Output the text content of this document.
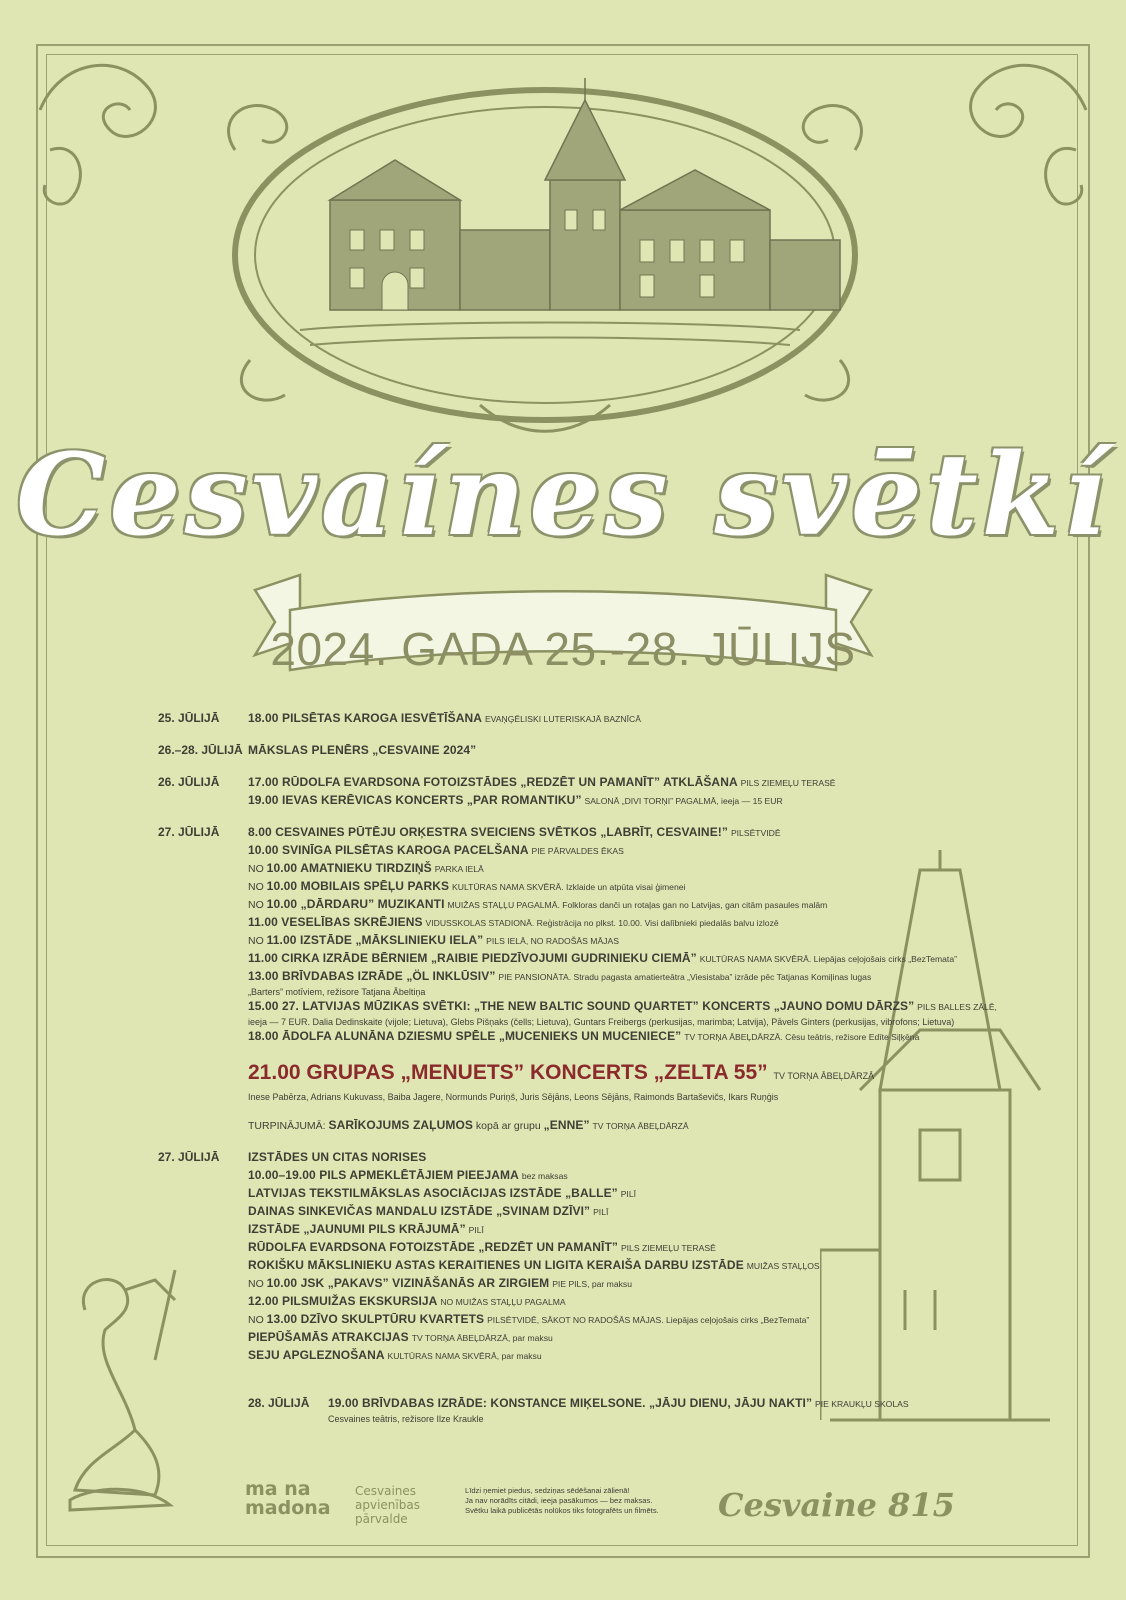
Cesvaínes svētkí
2024. GADA 25.-28. JŪLIJS
25. JŪLIJĀ	18.00 PILSĒTAS KAROGA IESVĒTĪŠANA EVAŅĢĒLISKI LUTERISKAJĀ BAZNĪCĀ
26.–28. JŪLIJĀ MĀKSLAS PLENĒRS „CESVAINE 2024”
26. JŪLIJĀ	17.00 RŪDOLFA EVARDSONA FOTOIZSTĀDES „REDZĒT UN PAMANĪT” ATKLĀŠANA PILS ZIEMEĻU TERASĒ
19.00 IEVAS KERĒVICAS KONCERTS „PAR ROMANTIKU” SALONĀ „DIVI TORŅI” PAGALMĀ, ieeja — 15 EUR
27. JŪLIJĀ	8.00 CESVAINES PŪTĒJU ORĶESTRA SVEICIENS SVĒTKOS „LABRĪT, CESVAINE!” PILSĒTVIDĒ
10.00 SVINĪGA PILSĒTAS KAROGA PACELŠANA PIE PĀRVALDES ĒKAS
NO 10.00 AMATNIEKU TIRDZIŅŠ PARKA IELĀ
NO 10.00 MOBILAIS SPĒĻU PARKS KULTŪRAS NAMA SKVĒRĀ. Izklaide un atpūta visai ģimenei
NO 10.00 „DĀRDARU” MUZIKANTI MUIŽAS STAĻĻU PAGALMĀ. Folkloras danči un rotaļas gan no Latvijas, gan citām pasaules malām
11.00 VESELĪBAS SKRĒJIENS VIDUSSKOLAS STADIONĀ. Reģistrācija no plkst. 10.00. Visi dalībnieki piedalās balvu izlozē
NO 11.00 IZSTĀDE „MĀKSLINIEKU IELA” PILS IELĀ, NO RADOŠĀS MĀJAS
11.00 CIRKA IZRĀDE BĒRNIEM „RAIBIE PIEDZĪVOJUMI GUDRINIEKU CIEMĀ” KULTŪRAS NAMA SKVĒRĀ. Liepājas ceļojošais cirks „BezTemata”
13.00 BRĪVDABAS IZRĀDE „ÖL INKLŪSIV” PIE PANSIONĀTA. Stradu pagasta amatierteātra „Viesistaba” izrāde pēc Tatjanas Komiļinas lugas
„Barters” motīviem, režisore Tatjana Ābeltiņa
15.00 27. LATVIJAS MŪZIKAS SVĒTKI: „THE NEW BALTIC SOUND QUARTET” KONCERTS „JAUNO DOMU DĀRZS” PILS BALLES ZĀLĒ,
ieeja — 7 EUR. Dalia Dedinskaite (vijole; Lietuva), Glebs Pišņaks (čells; Lietuva), Guntars Freibergs (perkusijas, marimba; Latvija), Pāvels Ginters (perkusijas, vibrofons; Lietuva)
18.00 ĀDOLFA ALUNĀNA DZIESMU SPĒLE „MUCENIEKS UN MUCENIECE” TV TORŅA ĀBEĻDĀRZĀ. Cēsu teātris, režisore Edīte Siļķēna
21.00 GRUPAS „MENUETS” KONCERTS „ZELTA 55” TV TORŅA ĀBEĻDĀRZĀ
Inese Pabērza, Adrians Kukuvass, Baiba Jagere, Normunds Puriņš, Juris Sējāns, Leons Sējāns, Raimonds Bartaševičs, Ikars Ruņģis
TURPINĀJUMĀ: SARĪKOJUMS ZAĻUMOS kopā ar grupu „ENNE” TV TORŅA ĀBEĻDĀRZĀ
27. JŪLIJĀ	IZSTĀDES UN CITAS NORISES
10.00–19.00 PILS APMEKLĒTĀJIEM PIEEJAMA bez maksas
LATVIJAS TEKSTILMĀKSLAS ASOCIĀCIJAS IZSTĀDE „BALLE” PILĪ
DAINAS SINKEVIČAS MANDALU IZSTĀDE „SVINAM DZĪVI” PILĪ
IZSTĀDE „JAUNUMI PILS KRĀJUMĀ” PILĪ
RŪDOLFA EVARDSONA FOTOIZSTĀDE „REDZĒT UN PAMANĪT” PILS ZIEMEĻU TERASĒ
ROKIŠKU MĀKSLINIEKU ASTAS KERAITIENES UN LIGITA KERAIŠA DARBU IZSTĀDE MUIŽAS STAĻĻOS
NO 10.00 JSK „PAKAVS” VIZINĀŠANĀS AR ZIRGIEM PIE PILS, par maksu
12.00 PILSMUIŽAS EKSKURSIJA NO MUIŽAS STAĻĻU PAGALMA
NO 13.00 DZĪVO SKULPTŪRU KVARTETS PILSĒTVIDĒ, SĀKOT NO RADOŠĀS MĀJAS. Liepājas ceļojošais cirks „BezTemata”
PIEPŪŠAMĀS ATRAKCIJAS TV TORŅA ĀBEĻDĀRZĀ, par maksu
SEJU APGLEZNOŠANA KULTŪRAS NAMA SKVĒRĀ, par maksu
28. JŪLIJĀ	19.00 BRĪVDABAS IZRĀDE: KONSTANCE MIĶELSONE. „JĀJU DIENU, JĀJU NAKTI” PIE KRAUKĻU SKOLAS
Cesvaines teātris, režisore Ilze Kraukle
ma na
madona
Cesvaines
apvienības
pārvalde
Līdzi ņemiet piedus, sedziņas sēdēšanai zālienā!
Ja nav norādīts citādi, ieeja pasākumos — bez maksas.
Svētku laikā publicētās nolūkos tiks fotografēts un filmēts. Cesvaine 815
